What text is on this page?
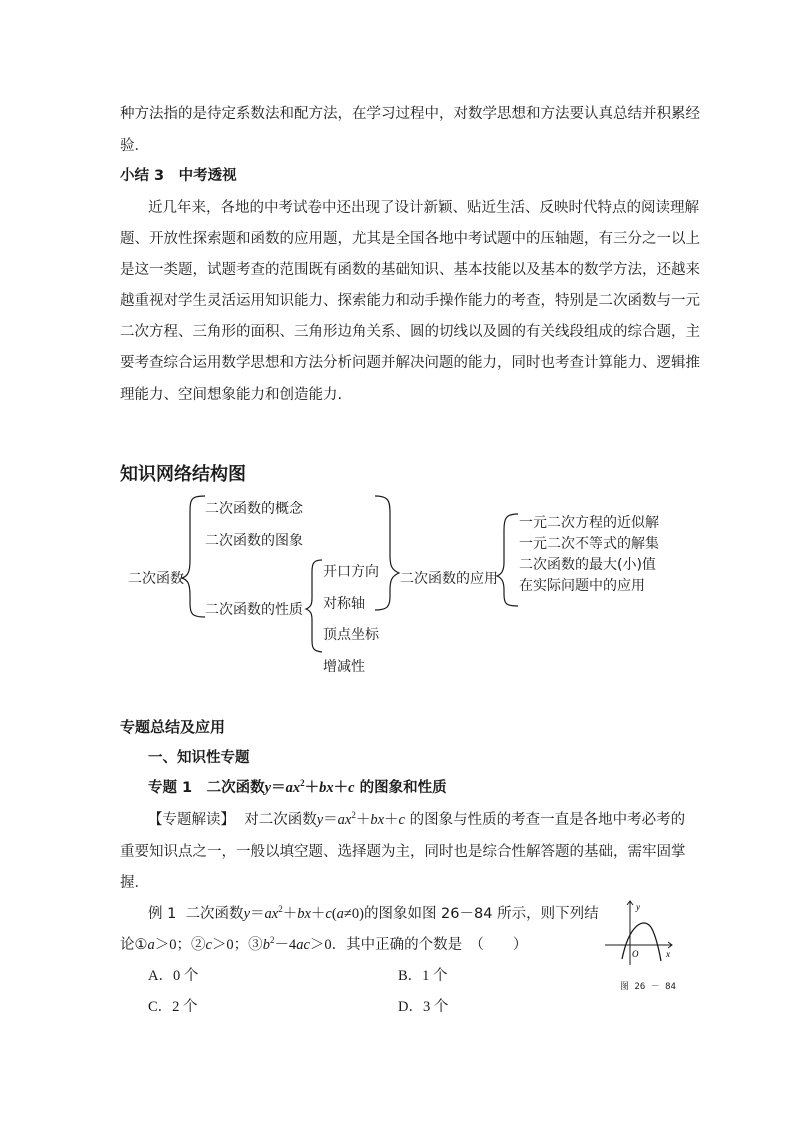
种方法指的是待定系数法和配方法，在学习过程中，对数学思想和方法要认真总结并积累经
验．
小结 3　中考透视
近几年来，各地的中考试卷中还出现了设计新颖、贴近生活、反映时代特点的阅读理解
题、开放性探索题和函数的应用题，尤其是全国各地中考试题中的压轴题，有三分之一以上
是这一类题，试题考查的范围既有函数的基础知识、基本技能以及基本的数学方法，还越来
越重视对学生灵活运用知识能力、探索能力和动手操作能力的考查，特别是二次函数与一元
二次方程、三角形的面积、三角形边角关系、圆的切线以及圆的有关线段组成的综合题，主
要考查综合运用数学思想和方法分析问题并解决问题的能力，同时也考查计算能力、逻辑推
理能力、空间想象能力和创造能力.
知识网络结构图
二次函数
二次函数的概念
二次函数的图象
二次函数的性质
开口方向
对称轴
顶点坐标
增减性
二次函数的应用
一元二次方程的近似解
一元二次不等式的解集
二次函数的最大(小)值
在实际问题中的应用
专题总结及应用
一、知识性专题
专题 1　二次函数$y=ax^2+bx+c$ 的图象和性质
【专题解读】 对二次函数$y=ax^2+bx+c$ 的图象与性质的考查一直是各地中考必考的
重要知识点之一，一般以填空题、选择题为主，同时也是综合性解答题的基础，需牢固掌
握．
例 1 二次函数$y=ax^2+bx+c(a\ne 0)$的图象如图 26－84 所示，则下列结
论①a＞0；②c＞0；$③b^2-4ac>0$．其中正确的个数是　（　　）
A．0 个	B．1 个
C．2 个	D．3 个
y
x
O
图 26 － 84
